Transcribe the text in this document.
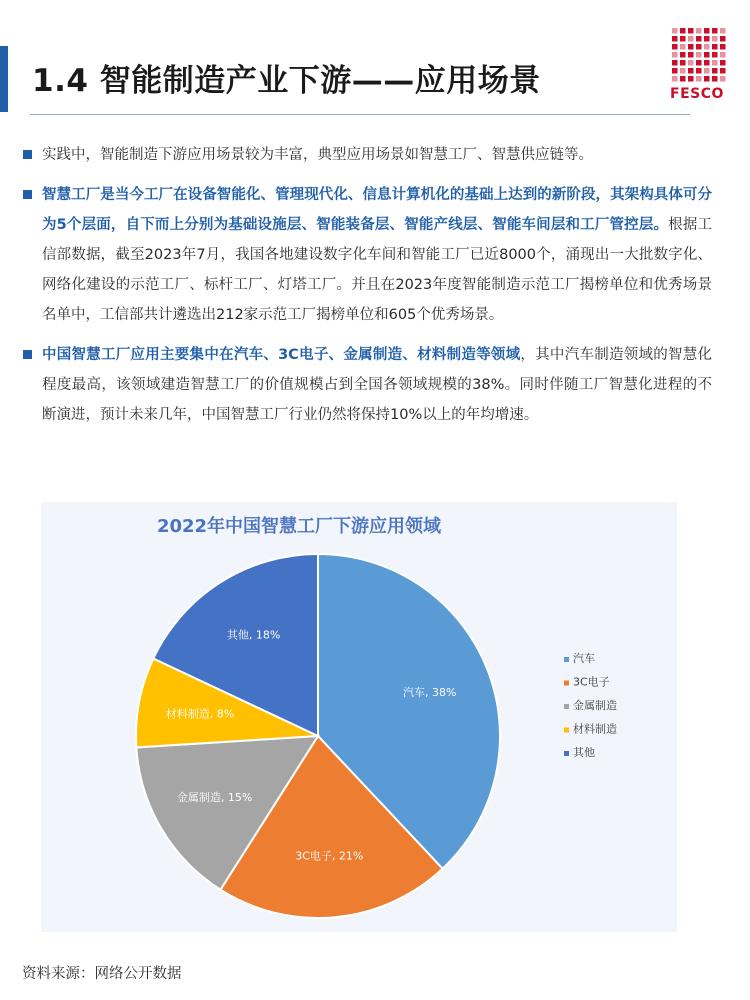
1.4 智能制造产业下游——应用场景	FESCO

实践中，智能制造下游应用场景较为丰富，典型应用场景如智慧工厂、智慧供应链等。

智慧工厂是当今工厂在设备智能化、管理现代化、信息计算机化的基础上达到的新阶段，其架构具体可分为5个层面，自下而上分别为基础设施层、智能装备层、智能产线层、智能车间层和工厂管控层。根据工信部数据，截至2023年7月，我国各地建设数字化车间和智能工厂已近8000个，涌现出一大批数字化、网络化建设的示范工厂、标杆工厂、灯塔工厂。并且在2023年度智能制造示范工厂揭榜单位和优秀场景名单中，工信部共计遴选出212家示范工厂揭榜单位和605个优秀场景。

中国智慧工厂应用主要集中在汽车、3C电子、金属制造、材料制造等领域，其中汽车制造领域的智慧化程度最高，该领域建造智慧工厂的价值规模占到全国各领域规模的38%。同时伴随工厂智慧化进程的不断演进，预计未来几年，中国智慧工厂行业仍然将保持10%以上的年均增速。

2022年中国智慧工厂下游应用领域
汽车, 38%
3C电子, 21%
金属制造, 15%
材料制造, 8%
其他, 18%
汽车
3C电子
金属制造
材料制造
其他

资料来源：网络公开数据
